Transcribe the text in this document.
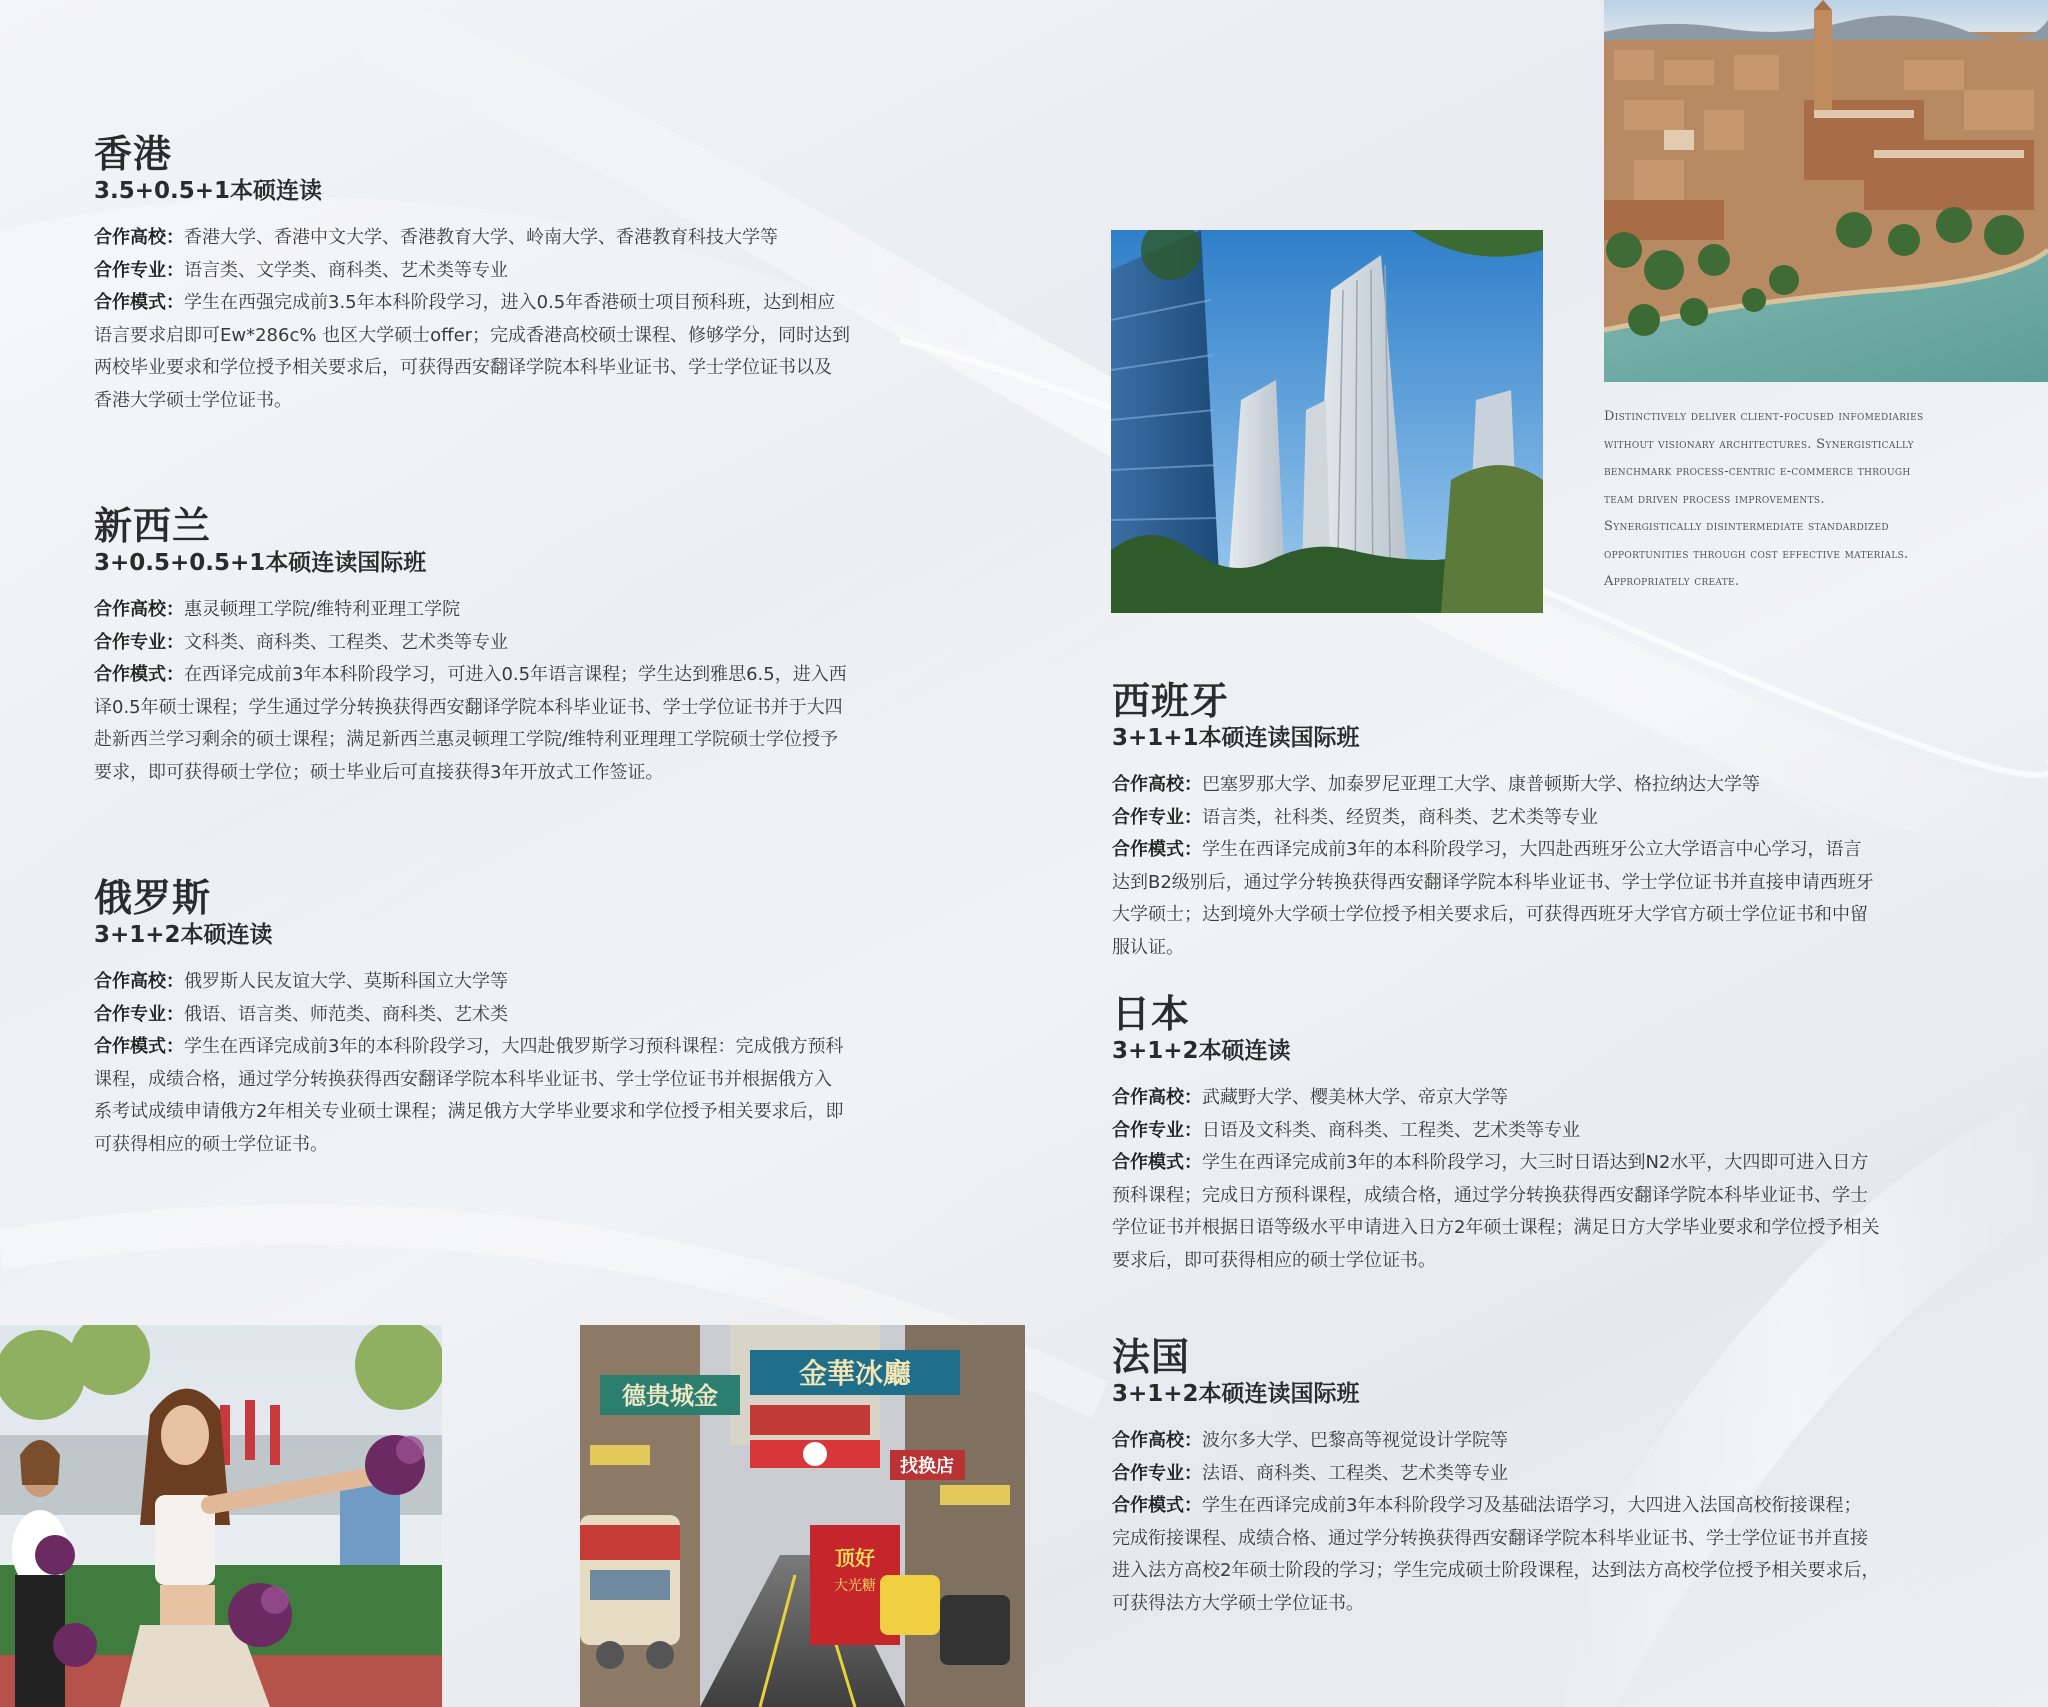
香港
3.5+0.5+1本硕连读
合作高校：香港大学、香港中文大学、香港教育大学、岭南大学、香港教育科技大学等
合作专业：语言类、文学类、商科类、艺术类等专业
合作模式：学生在西强完成前3.5年本科阶段学习，进入0.5年香港硕士项目预科班，达到相应
语言要求启即可Ew*286c% 也区大学硕士offer；完成香港高校硕士课程、修够学分，同时达到
两校毕业要求和学位授予相关要求后，可获得西安翻译学院本科毕业证书、学士学位证书以及
香港大学硕士学位证书。
新西兰
3+0.5+0.5+1本硕连读国际班
合作高校：惠灵顿理工学院/维特利亚理工学院
合作专业：文科类、商科类、工程类、艺术类等专业
合作模式：在西译完成前3年本科阶段学习，可进入0.5年语言课程；学生达到雅思6.5，进入西
译0.5年硕士课程；学生通过学分转换获得西安翻译学院本科毕业证书、学士学位证书并于大四
赴新西兰学习剩余的硕士课程；满足新西兰惠灵顿理工学院/维特利亚理理工学院硕士学位授予
要求，即可获得硕士学位；硕士毕业后可直接获得3年开放式工作签证。
俄罗斯
3+1+2本硕连读
合作高校：俄罗斯人民友谊大学、莫斯科国立大学等
合作专业：俄语、语言类、师范类、商科类、艺术类
合作模式：学生在西译完成前3年的本科阶段学习，大四赴俄罗斯学习预科课程：完成俄方预科
课程，成绩合格，通过学分转换获得西安翻译学院本科毕业证书、学士学位证书并根据俄方入
系考试成绩申请俄方2年相关专业硕士课程；满足俄方大学毕业要求和学位授予相关要求后，即
可获得相应的硕士学位证书。
西班牙
3+1+1本硕连读国际班
合作高校：巴塞罗那大学、加泰罗尼亚理工大学、康普顿斯大学、格拉纳达大学等
合作专业：语言类，社科类、经贸类，商科类、艺术类等专业
合作模式：学生在西译完成前3年的本科阶段学习，大四赴西班牙公立大学语言中心学习，语言
达到B2级别后，通过学分转换获得西安翻译学院本科毕业证书、学士学位证书并直接申请西班牙
大学硕士；达到境外大学硕士学位授予相关要求后，可获得西班牙大学官方硕士学位证书和中留
服认证。
日本
3+1+2本硕连读
合作高校：武藏野大学、樱美林大学、帝京大学等
合作专业：日语及文科类、商科类、工程类、艺术类等专业
合作模式：学生在西译完成前3年的本科阶段学习，大三时日语达到N2水平，大四即可进入日方
预科课程；完成日方预科课程，成绩合格，通过学分转换获得西安翻译学院本科毕业证书、学士
学位证书并根据日语等级水平申请进入日方2年硕士课程；满足日方大学毕业要求和学位授予相关
要求后，即可获得相应的硕士学位证书。
法国
3+1+2本硕连读国际班
合作高校：波尔多大学、巴黎高等视觉设计学院等
合作专业：法语、商科类、工程类、艺术类等专业
合作模式：学生在西译完成前3年本科阶段学习及基础法语学习，大四进入法国高校衔接课程；
完成衔接课程、成绩合格、通过学分转换获得西安翻译学院本科毕业证书、学士学位证书并直接
进入法方高校2年硕士阶段的学习；学生完成硕士阶段课程，达到法方高校学位授予相关要求后，
可获得法方大学硕士学位证书。
Distinctively deliver client-focused infomediaries
without visionary architectures. Synergistically
benchmark process-centric e-commerce through
team driven process improvements.
Synergistically disintermediate standardized
opportunities through cost effective materials.
Appropriately create.
德贵城金
金華冰廳
找换店
顶好
大光糖
